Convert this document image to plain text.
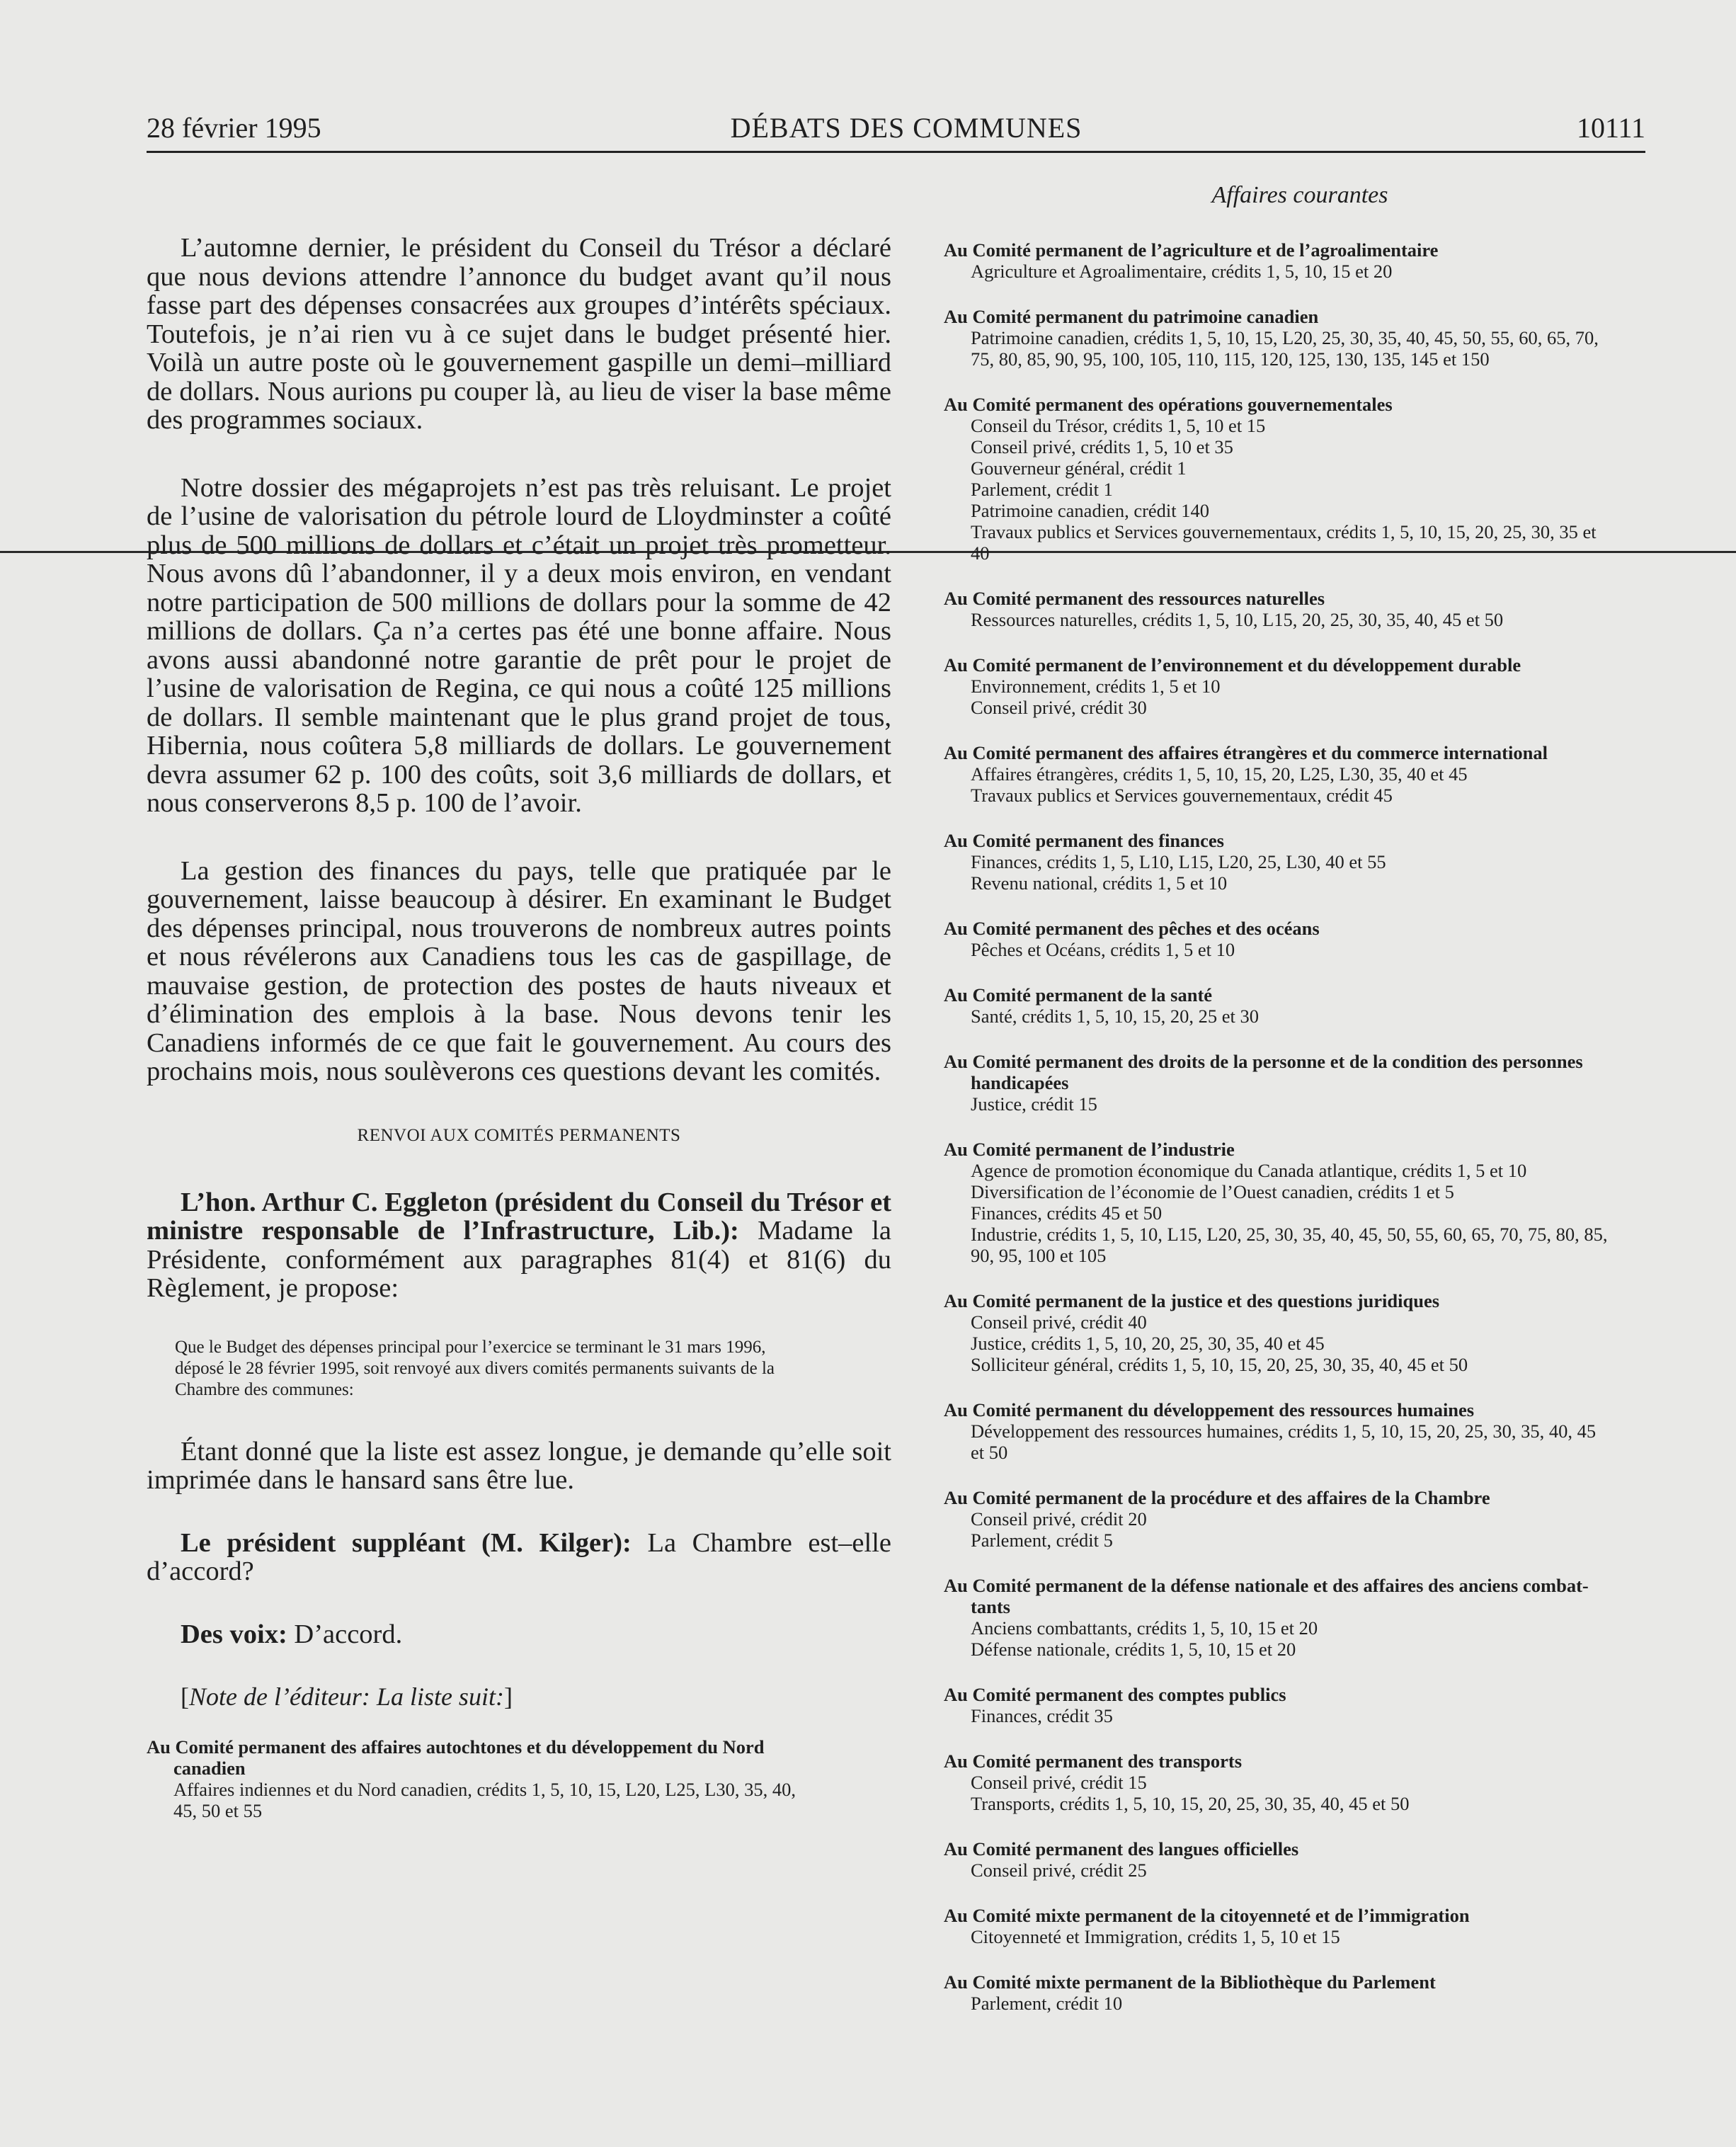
28 février 1995	DÉBATS DES COMMUNES	10111

L’automne dernier, le président du Conseil du Trésor a déclaré que nous devions attendre l’annonce du budget avant qu’il nous fasse part des dépenses consacrées aux groupes d’intérêts spéciaux. Toutefois, je n’ai rien vu à ce sujet dans le budget présenté hier. Voilà un autre poste où le gouvernement gaspille un demi–milliard de dollars. Nous aurions pu couper là, au lieu de viser la base même des programmes sociaux.

Notre dossier des mégaprojets n’est pas très reluisant. Le projet de l’usine de valorisation du pétrole lourd de Lloydminster a coûté plus de 500 millions de dollars et c’était un projet très prometteur. Nous avons dû l’abandonner, il y a deux mois environ, en vendant notre participation de 500 millions de dollars pour la somme de 42 millions de dollars. Ça n’a certes pas été une bonne affaire. Nous avons aussi abandonné notre garantie de prêt pour le projet de l’usine de valorisation de Regina, ce qui nous a coûté 125 millions de dollars. Il semble maintenant que le plus grand projet de tous, Hibernia, nous coûtera 5,8 milliards de dollars. Le gouvernement devra assumer 62 p. 100 des coûts, soit 3,6 milliards de dollars, et nous conserverons 8,5 p. 100 de l’avoir.

La gestion des finances du pays, telle que pratiquée par le gouvernement, laisse beaucoup à désirer. En examinant le Budget des dépenses principal, nous trouverons de nombreux autres points et nous révélerons aux Canadiens tous les cas de gaspillage, de mauvaise gestion, de protection des postes de hauts niveaux et d’élimination des emplois à la base. Nous devons tenir les Canadiens informés de ce que fait le gouvernement. Au cours des prochains mois, nous soulèverons ces questions devant les comités.

RENVOI AUX COMITÉS PERMANENTS

L’hon. Arthur C. Eggleton (président du Conseil du Trésor et ministre responsable de l’Infrastructure, Lib.): Madame la Présidente, conformément aux paragraphes 81(4) et 81(6) du Règlement, je propose:

Que le Budget des dépenses principal pour l’exercice se terminant le 31 mars 1996,
déposé le 28 février 1995, soit renvoyé aux divers comités permanents suivants de la
Chambre des communes:

Étant donné que la liste est assez longue, je demande qu’elle soit imprimée dans le hansard sans être lue.

Le président suppléant (M. Kilger): La Chambre est–elle d’accord?

Des voix: D’accord.

[Note de l’éditeur: La liste suit:]
Au Comité permanent des affaires autochtones et du développement du Nord
canadien
Affaires indiennes et du Nord canadien, crédits 1, 5, 10, 15, L20, L25, L30, 35, 40,
45, 50 et 55
Affaires courantes
Au Comité permanent de l’agriculture et de l’agroalimentaire
Agriculture et Agroalimentaire, crédits 1, 5, 10, 15 et 20
Au Comité permanent du patrimoine canadien
Patrimoine canadien, crédits 1, 5, 10, 15, L20, 25, 30, 35, 40, 45, 50, 55, 60, 65, 70,
75, 80, 85, 90, 95, 100, 105, 110, 115, 120, 125, 130, 135, 145 et 150
Au Comité permanent des opérations gouvernementales
Conseil du Trésor, crédits 1, 5, 10 et 15
Conseil privé, crédits 1, 5, 10 et 35
Gouverneur général, crédit 1
Parlement, crédit 1
Patrimoine canadien, crédit 140
Travaux publics et Services gouvernementaux, crédits 1, 5, 10, 15, 20, 25, 30, 35 et
40
Au Comité permanent des ressources naturelles
Ressources naturelles, crédits 1, 5, 10, L15, 20, 25, 30, 35, 40, 45 et 50
Au Comité permanent de l’environnement et du développement durable
Environnement, crédits 1, 5 et 10
Conseil privé, crédit 30
Au Comité permanent des affaires étrangères et du commerce international
Affaires étrangères, crédits 1, 5, 10, 15, 20, L25, L30, 35, 40 et 45
Travaux publics et Services gouvernementaux, crédit 45
Au Comité permanent des finances
Finances, crédits 1, 5, L10, L15, L20, 25, L30, 40 et 55
Revenu national, crédits 1, 5 et 10
Au Comité permanent des pêches et des océans
Pêches et Océans, crédits 1, 5 et 10
Au Comité permanent de la santé
Santé, crédits 1, 5, 10, 15, 20, 25 et 30
Au Comité permanent des droits de la personne et de la condition des personnes
handicapées
Justice, crédit 15
Au Comité permanent de l’industrie
Agence de promotion économique du Canada atlantique, crédits 1, 5 et 10
Diversification de l’économie de l’Ouest canadien, crédits 1 et 5
Finances, crédits 45 et 50
Industrie, crédits 1, 5, 10, L15, L20, 25, 30, 35, 40, 45, 50, 55, 60, 65, 70, 75, 80, 85,
90, 95, 100 et 105
Au Comité permanent de la justice et des questions juridiques
Conseil privé, crédit 40
Justice, crédits 1, 5, 10, 20, 25, 30, 35, 40 et 45
Solliciteur général, crédits 1, 5, 10, 15, 20, 25, 30, 35, 40, 45 et 50
Au Comité permanent du développement des ressources humaines
Développement des ressources humaines, crédits 1, 5, 10, 15, 20, 25, 30, 35, 40, 45
et 50
Au Comité permanent de la procédure et des affaires de la Chambre
Conseil privé, crédit 20
Parlement, crédit 5
Au Comité permanent de la défense nationale et des affaires des anciens combat-
tants
Anciens combattants, crédits 1, 5, 10, 15 et 20
Défense nationale, crédits 1, 5, 10, 15 et 20
Au Comité permanent des comptes publics
Finances, crédit 35
Au Comité permanent des transports
Conseil privé, crédit 15
Transports, crédits 1, 5, 10, 15, 20, 25, 30, 35, 40, 45 et 50
Au Comité permanent des langues officielles
Conseil privé, crédit 25
Au Comité mixte permanent de la citoyenneté et de l’immigration
Citoyenneté et Immigration, crédits 1, 5, 10 et 15
Au Comité mixte permanent de la Bibliothèque du Parlement
Parlement, crédit 10
